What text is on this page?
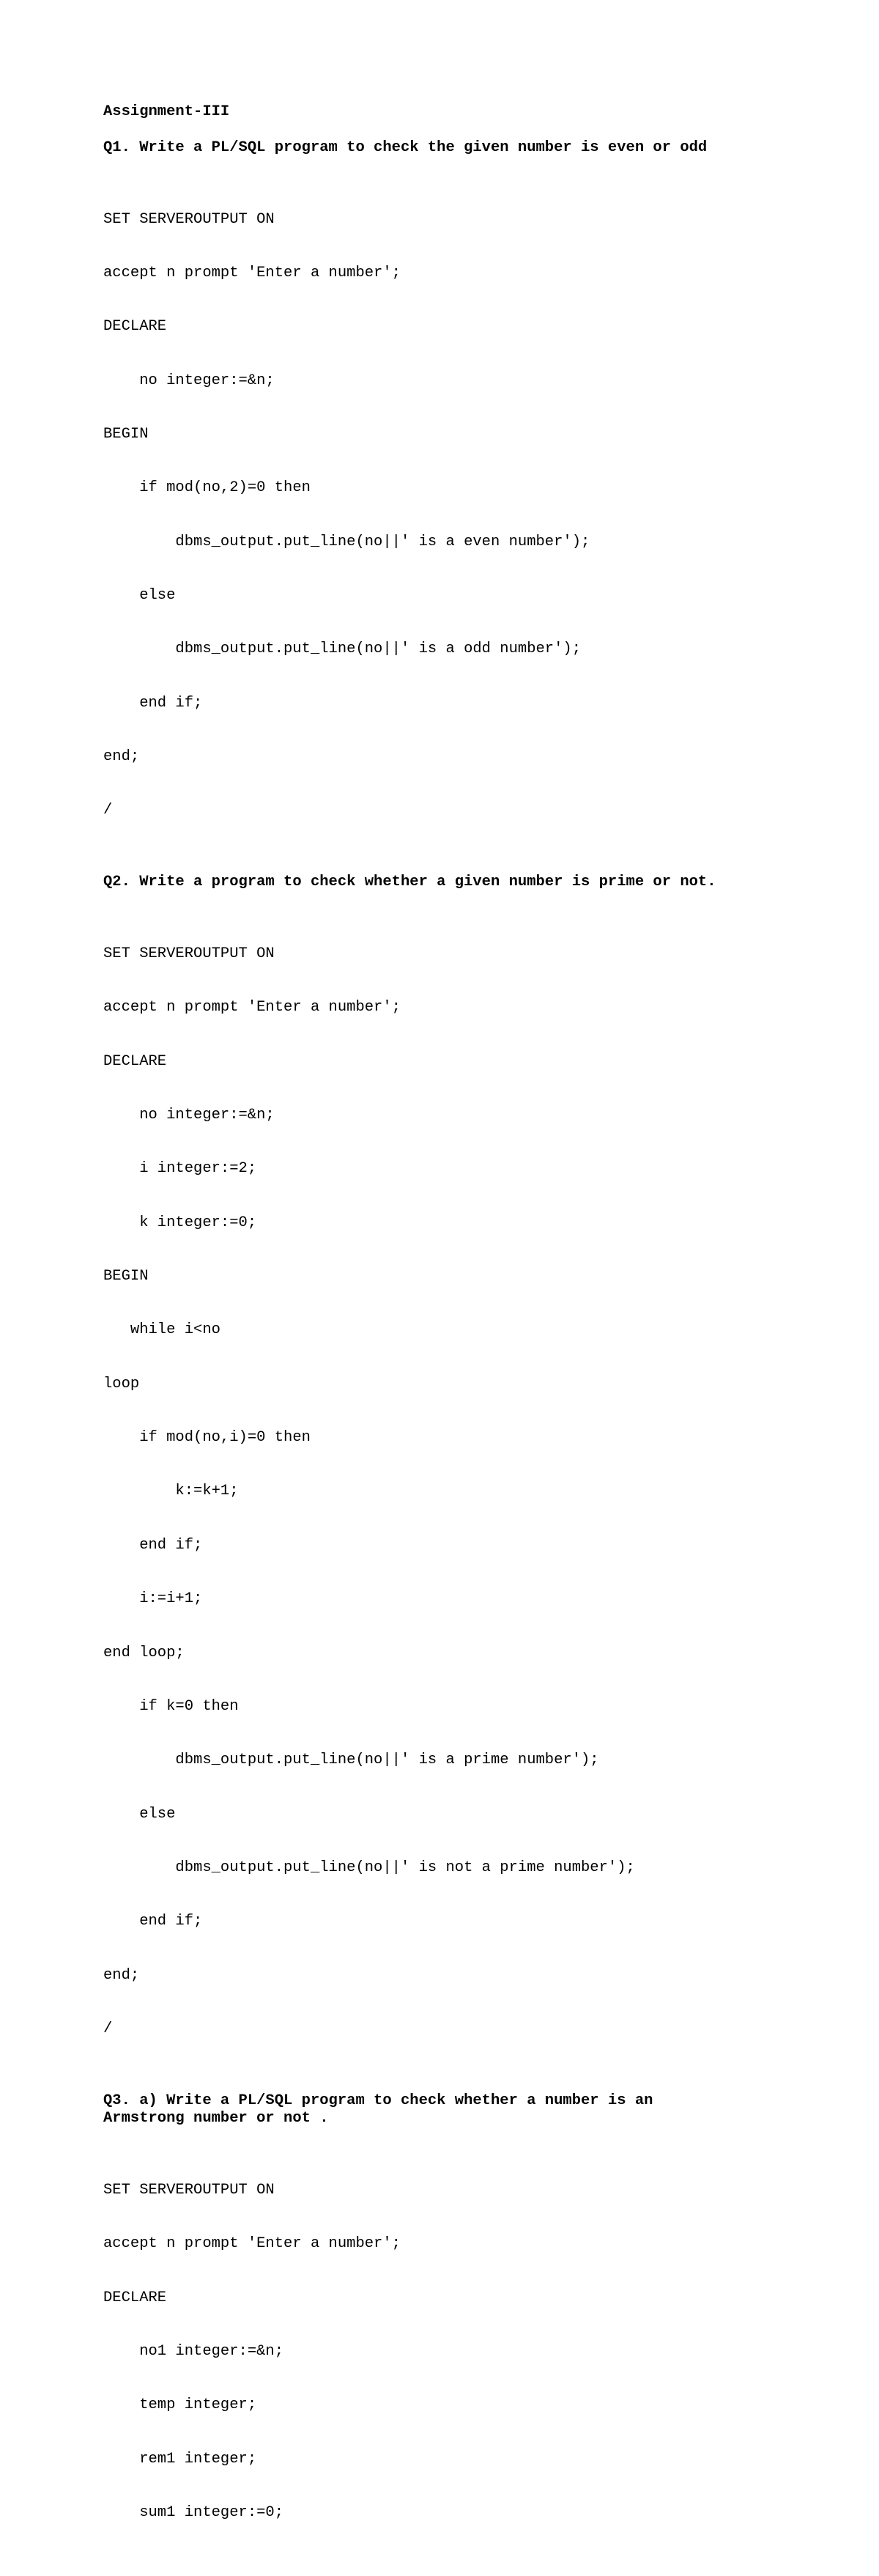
Assignment-III

Q1. Write a PL/SQL program to check the given number is even or odd

SET SERVEROUTPUT ON

accept n prompt 'Enter a number';

DECLARE

no integer:=&n;

BEGIN

if mod(no,2)=0 then

dbms_output.put_line(no||' is a even number');

else

dbms_output.put_line(no||' is a odd number');

end if;

end;

/

Q2. Write a program to check whether a given number is prime or not.

SET SERVEROUTPUT ON

accept n prompt 'Enter a number';

DECLARE

no integer:=&n;

i integer:=2;

k integer:=0;

BEGIN

while i<no

loop

if mod(no,i)=0 then

k:=k+1;

end if;

i:=i+1;

end loop;

if k=0 then

dbms_output.put_line(no||' is a prime number');

else

dbms_output.put_line(no||' is not a prime number');

end if;

end;

/

Q3. a) Write a PL/SQL program to check whether a number is an Armstrong number or not .

SET SERVEROUTPUT ON

accept n prompt 'Enter a number';

DECLARE

no1 integer:=&n;

temp integer;

rem1 integer;

sum1 integer:=0;
